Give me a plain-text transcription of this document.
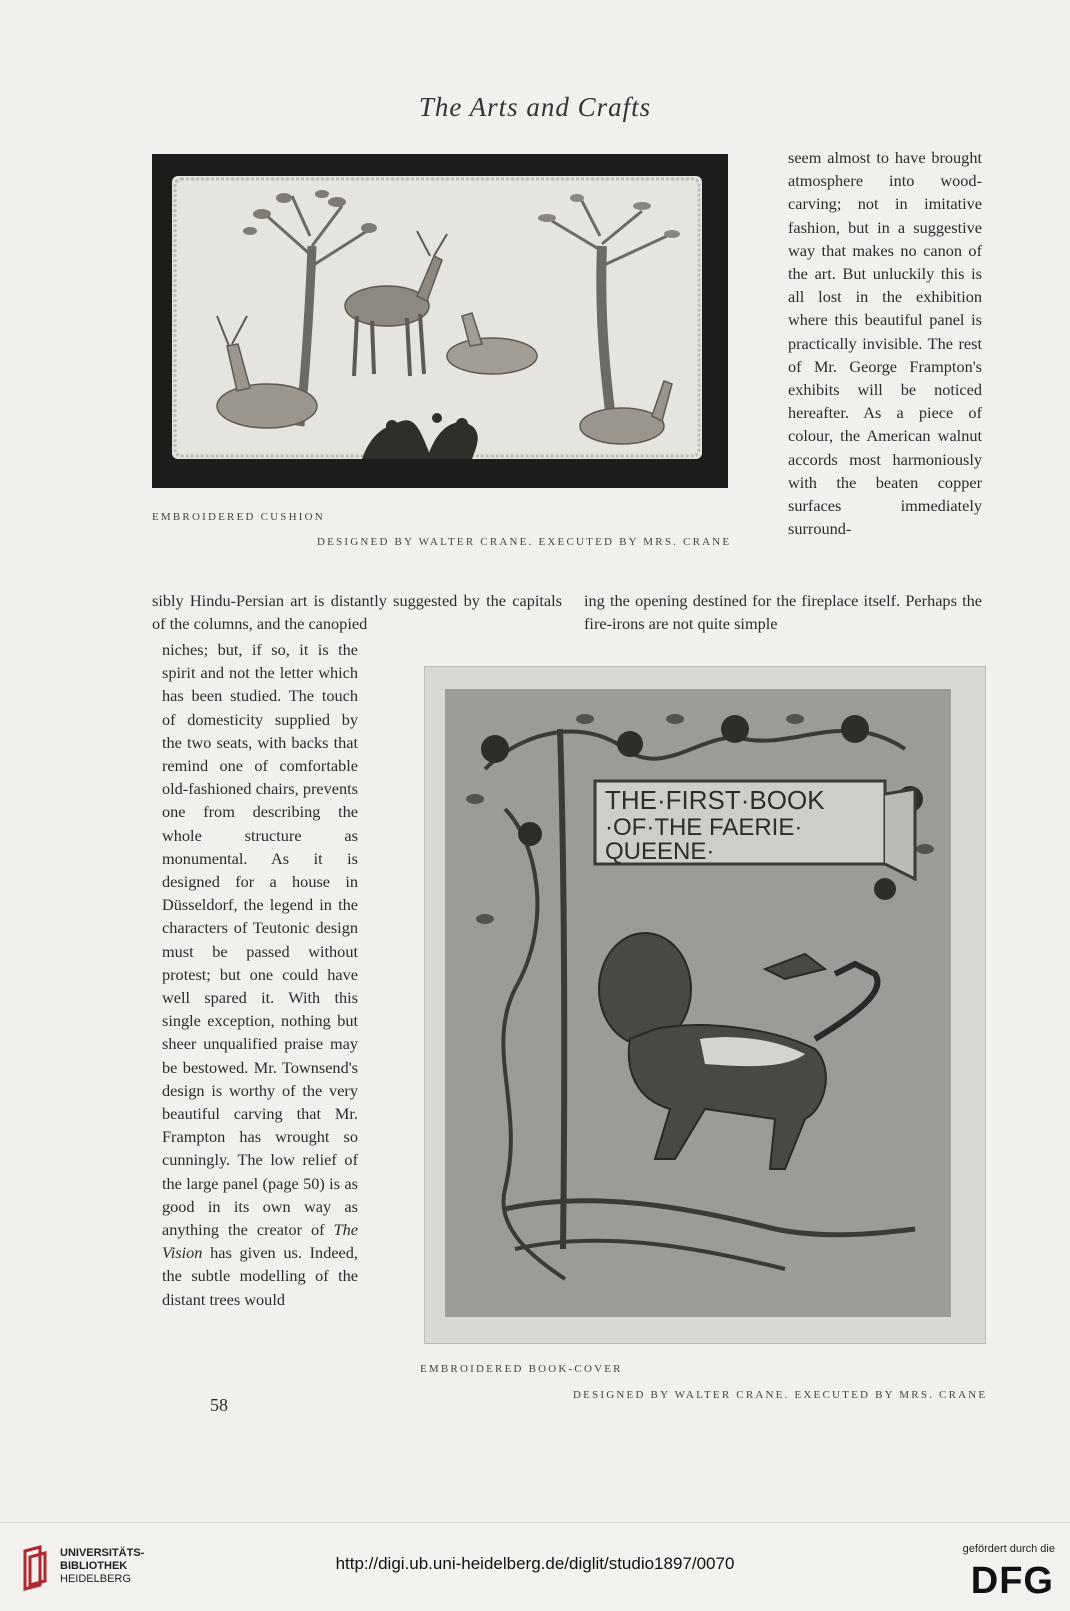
The Arts and Crafts
EMBROIDERED CUSHION
DESIGNED BY WALTER CRANE. EXECUTED BY MRS. CRANE

seem almost to have brought atmosphere into wood-carving; not in imitative fashion, but in a suggestive way that makes no canon of the art. But unluckily this is all lost in the exhibition where this beautiful panel is practically invisible. The rest of Mr. George Frampton's exhibits will be noticed hereafter. As a piece of colour, the American walnut accords most harmoniously with the beaten copper surfaces immediately surround-

sibly Hindu-Persian art is distantly suggested by the capitals of the columns, and the canopied

ing the opening destined for the fireplace itself. Perhaps the fire-irons are not quite simple

niches; but, if so, it is the spirit and not the letter which has been studied. The touch of domesticity supplied by the two seats, with backs that remind one of comfortable old-fashioned chairs, prevents one from describing the whole structure as monumental. As it is designed for a house in Düsseldorf, the legend in the characters of Teutonic design must be passed without protest; but one could have well spared it. With this single exception, nothing but sheer unqualified praise may be bestowed. Mr. Townsend's design is worthy of the very beautiful carving that Mr. Frampton has wrought so cunningly. The low relief of the large panel (page 50) is as good in its own way as anything the creator of The Vision has given us. Indeed, the subtle modelling of the distant trees would

THE·FIRST·BOOK
·OF·THE FAERIE·
QUEENE·
EMBROIDERED BOOK-COVER
DESIGNED BY WALTER CRANE. EXECUTED BY MRS. CRANE
58
UNIVERSITÄTS-
BIBLIOTHEK
HEIDELBERG
http://digi.ub.uni-heidelberg.de/diglit/studio1897/0070
gefördert durch die
DFG
